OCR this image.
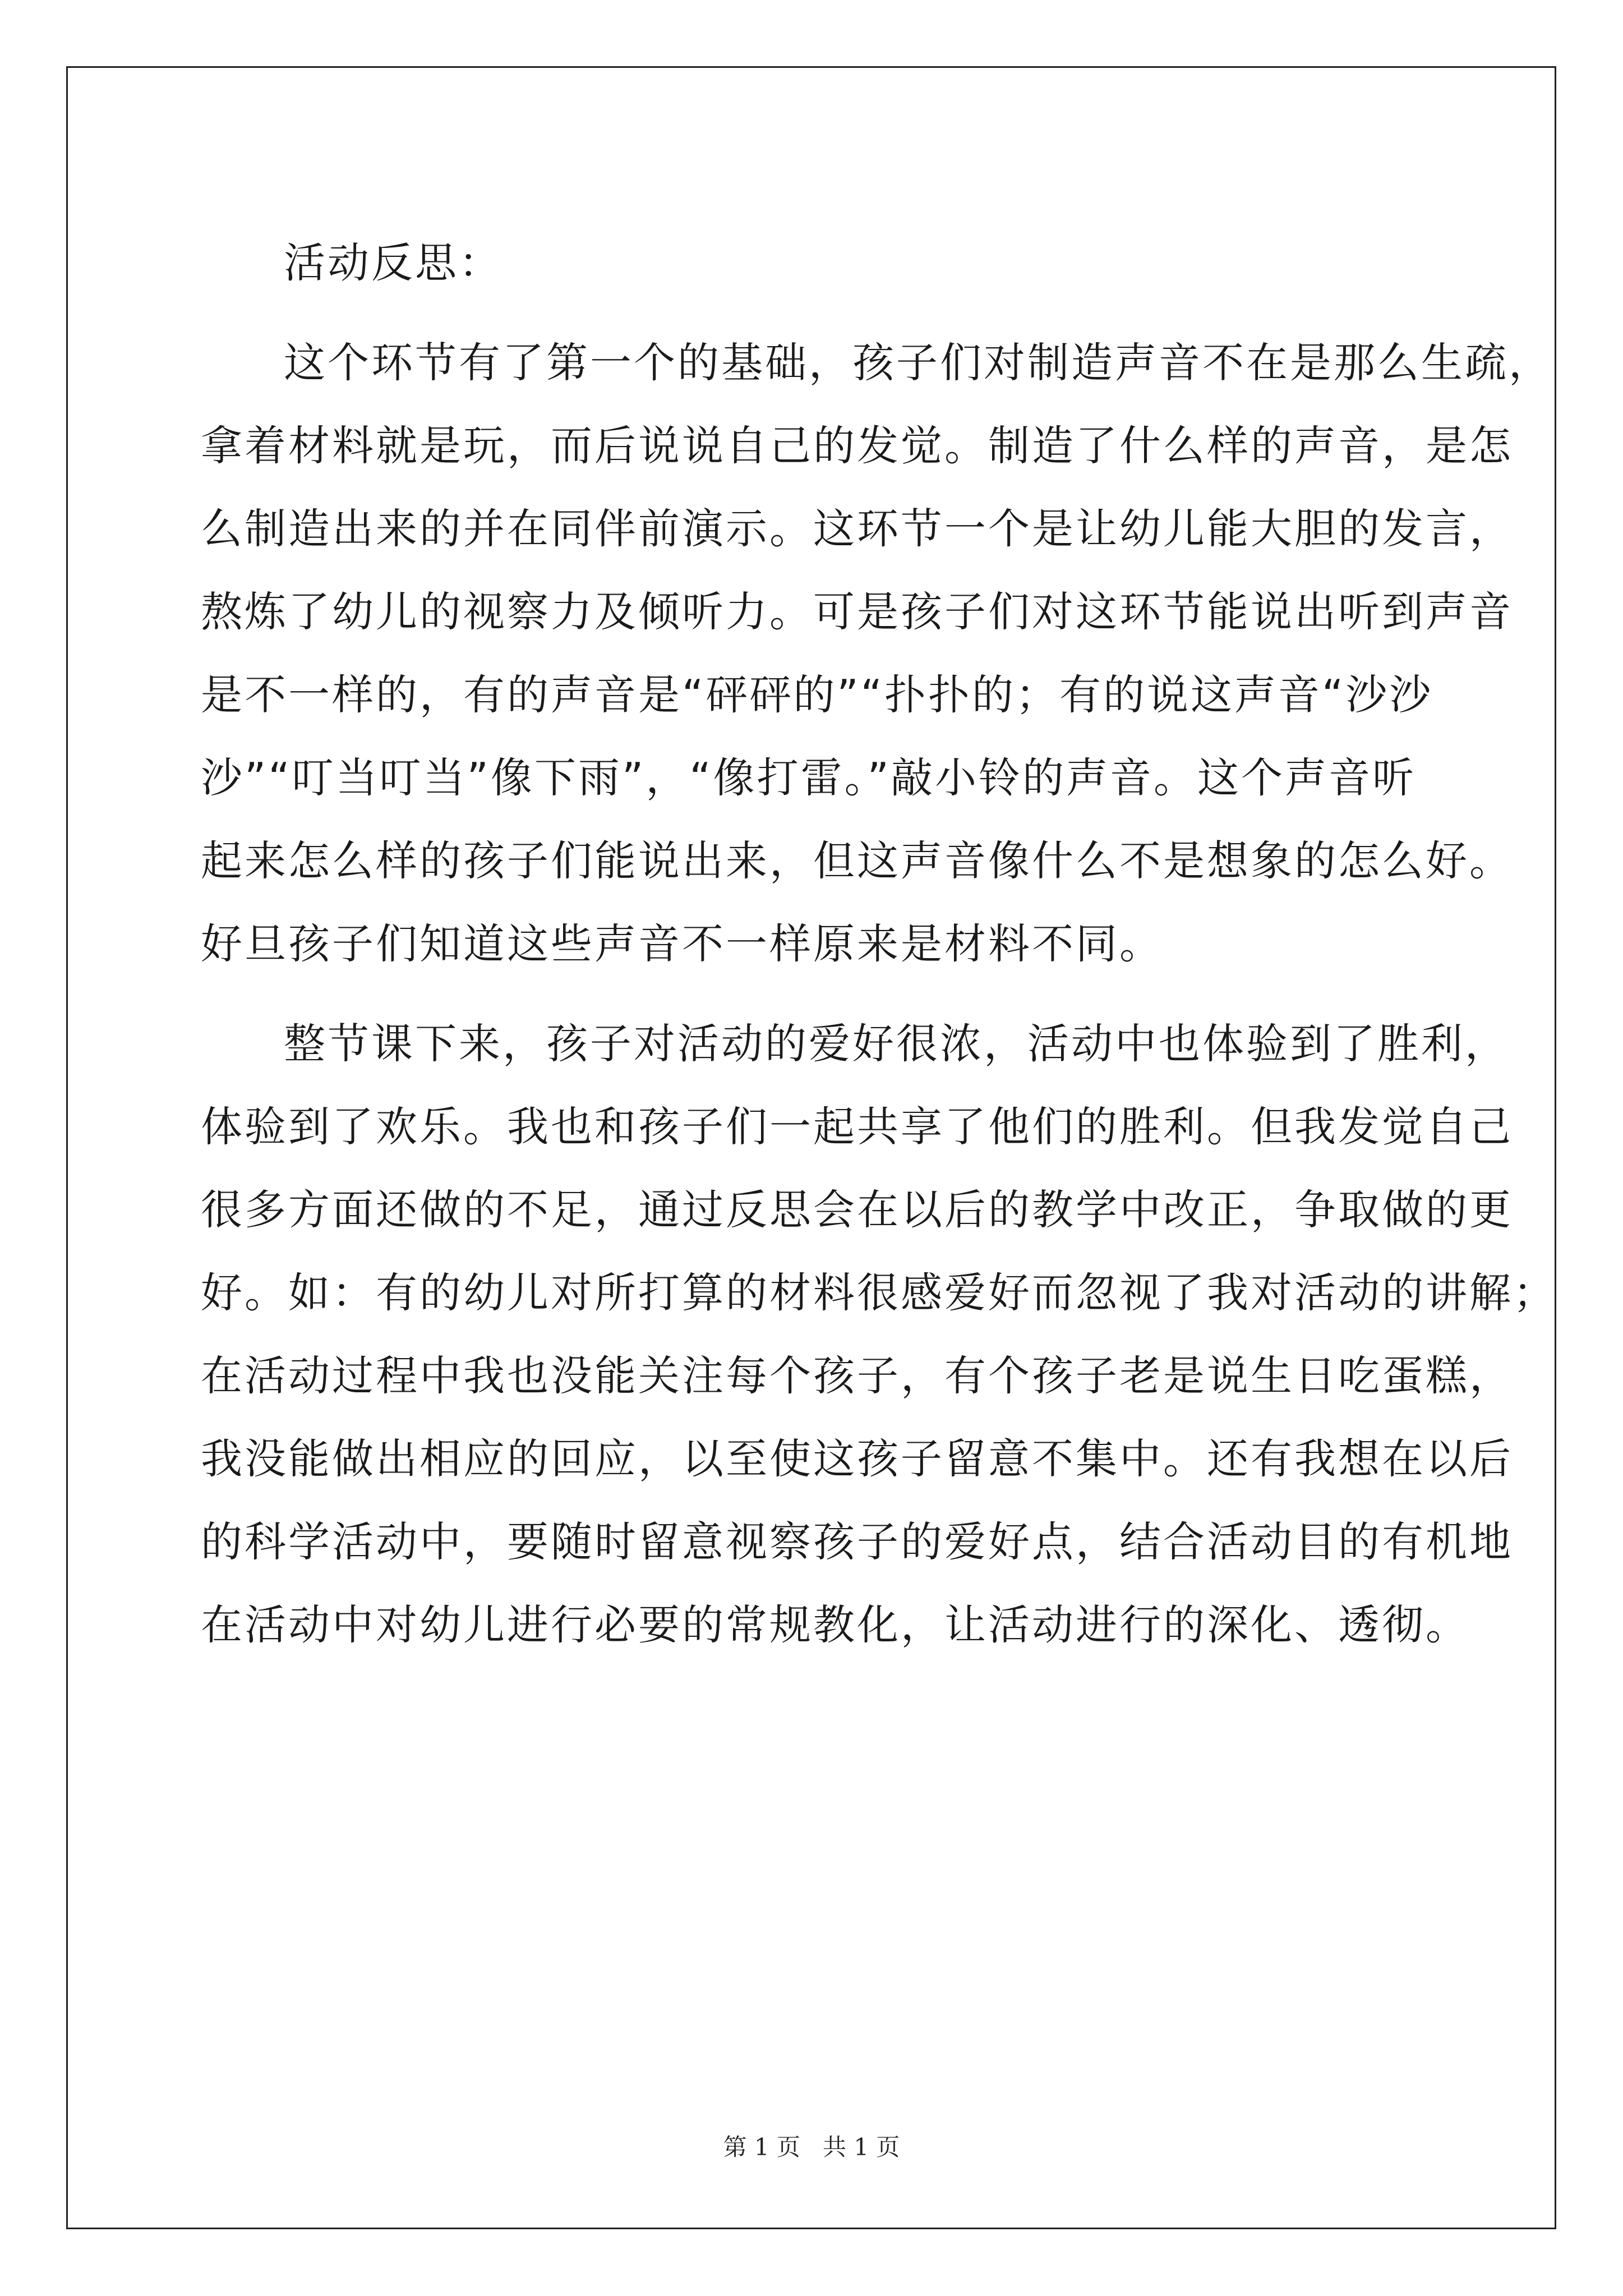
活动反思：

这个环节有了第一个的基础，孩子们对制造声音不在是那么生疏，
拿着材料就是玩，而后说说自己的发觉。制造了什么样的声音，是怎
么制造出来的并在同伴前演示。这环节一个是让幼儿能大胆的发言，
熬炼了幼儿的视察力及倾听力。可是孩子们对这环节能说出听到声音
是不一样的，有的声音是“砰砰的”“扑扑的；有的说这声音“沙沙
沙”“叮当叮当”像下雨”，“像打雷。”敲小铃的声音。这个声音听
起来怎么样的孩子们能说出来，但这声音像什么不是想象的怎么好。
好旦孩子们知道这些声音不一样原来是材料不同。
整节课下来，孩子对活动的爱好很浓，活动中也体验到了胜利，
体验到了欢乐。我也和孩子们一起共享了他们的胜利。但我发觉自己
很多方面还做的不足，通过反思会在以后的教学中改正，争取做的更
好。如：有的幼儿对所打算的材料很感爱好而忽视了我对活动的讲解；
在活动过程中我也没能关注每个孩子，有个孩子老是说生日吃蛋糕，
我没能做出相应的回应，以至使这孩子留意不集中。还有我想在以后
的科学活动中，要随时留意视察孩子的爱好点，结合活动目的有机地
在活动中对幼儿进行必要的常规教化，让活动进行的深化、透彻。
第 1 页 共 1 页
